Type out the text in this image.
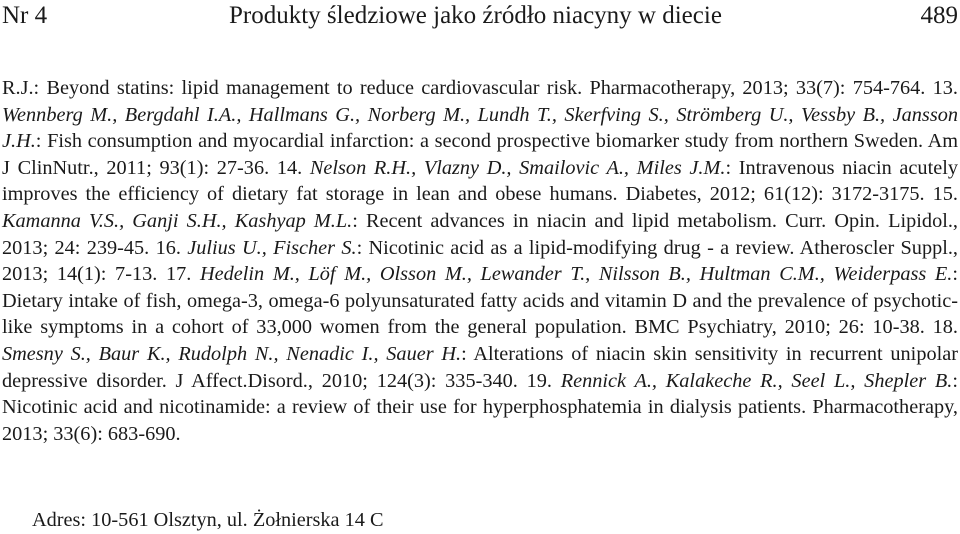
Nr 4	Produkty śledziowe jako źródło niacyny w diecie	489
R.J.: Beyond statins: lipid management to reduce cardiovascular risk. Pharmacotherapy, 2013; 33(7): 754-764. 13. Wennberg M., Bergdahl I.A., Hallmans G., Norberg M., Lundh T., Skerfving S., Strömberg U., Vessby B., Jansson J.H.: Fish consumption and myocardial infarction: a second prospective biomarker study from northern Sweden. Am J ClinNutr., 2011; 93(1): 27-36. 14. Nelson R.H., Vlazny D., Smailovic A., Miles J.M.: Intravenous niacin acutely improves the efficiency of dietary fat storage in lean and obese humans. Diabetes, 2012; 61(12): 3172-3175. 15. Kamanna V.S., Ganji S.H., Kashyap M.L.: Recent advances in niacin and lipid metabolism. Curr. Opin. Lipidol., 2013; 24: 239-45. 16. Julius U., Fischer S.: Nicotinic acid as a lipid-modifying drug - a review. Atheroscler Suppl., 2013; 14(1): 7-13. 17. Hedelin M., Löf M., Olsson M., Lewander T., Nilsson B., Hultman C.M., Weiderpass E.: Dietary intake of fish, omega-3, omega-6 polyunsaturated fatty acids and vitamin D and the prevalence of psychotic-like symptoms in a cohort of 33,000 women from the general population. BMC Psychiatry, 2010; 26: 10-38. 18. Smesny S., Baur K., Rudolph N., Nenadic I., Sauer H.: Alterations of niacin skin sensitivity in recurrent unipolar depressive disorder. J Affect.Disord., 2010; 124(3): 335-340. 19. Rennick A., Kalakeche R., Seel L., Shepler B.: Nicotinic acid and nicotinamide: a review of their use for hyperphosphatemia in dialysis patients. Pharmacotherapy, 2013; 33(6): 683-690.
Adres: 10-561 Olsztyn, ul. Żołnierska 14 C
